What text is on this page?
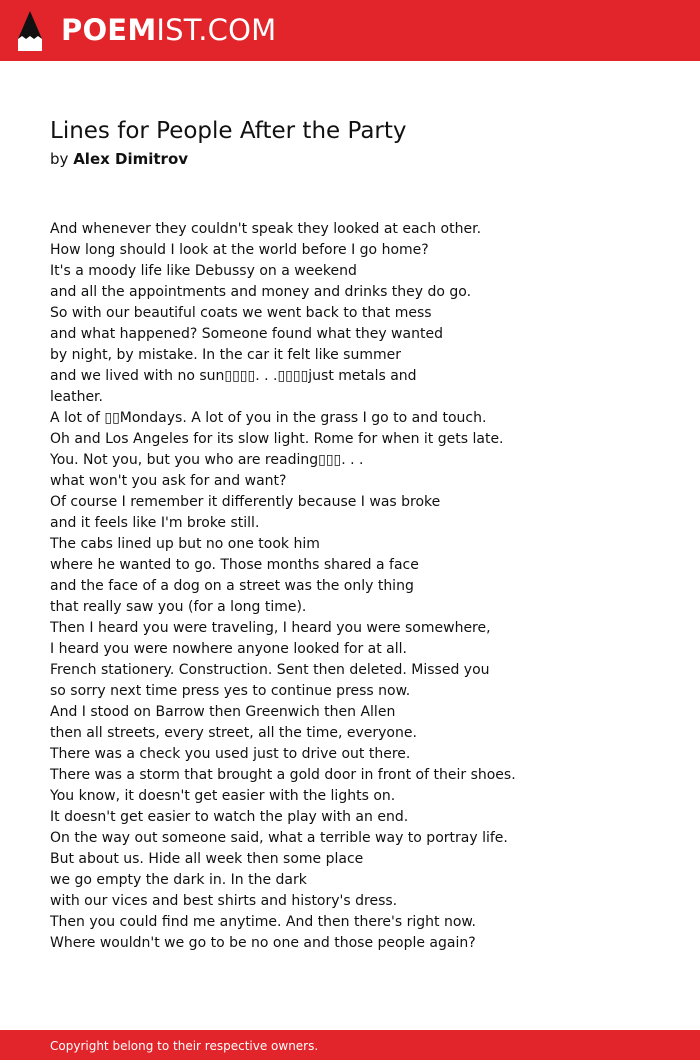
POEMIST.COM
Lines for People After the Party
by Alex Dimitrov
And whenever they couldn't speak they looked at each other.
How long should I look at the world before I go home?
It's a moody life like Debussy on a weekend
and all the appointments and money and drinks they do go.
So with our beautiful coats we went back to that mess
and what happened? Someone found what they wanted
by night, by mistake. In the car it felt like summer
and we lived with no sun▯▯▯▯. . .▯▯▯▯just metals and
leather.
A lot of ▯▯Mondays. A lot of you in the grass I go to and touch.
Oh and Los Angeles for its slow light. Rome for when it gets late.
You. Not you, but you who are reading▯▯▯. . .
what won't you ask for and want?
Of course I remember it differently because I was broke
and it feels like I'm broke still.
The cabs lined up but no one took him
where he wanted to go. Those months shared a face
and the face of a dog on a street was the only thing
that really saw you (for a long time).
Then I heard you were traveling, I heard you were somewhere,
I heard you were nowhere anyone looked for at all.
French stationery. Construction. Sent then deleted. Missed you
so sorry next time press yes to continue press now.
And I stood on Barrow then Greenwich then Allen
then all streets, every street, all the time, everyone.
There was a check you used just to drive out there.
There was a storm that brought a gold door in front of their shoes.
You know, it doesn't get easier with the lights on.
It doesn't get easier to watch the play with an end.
On the way out someone said, what a terrible way to portray life.
But about us. Hide all week then some place
we go empty the dark in. In the dark
with our vices and best shirts and history's dress.
Then you could find me anytime. And then there's right now.
Where wouldn't we go to be no one and those people again?
Copyright belong to their respective owners.
